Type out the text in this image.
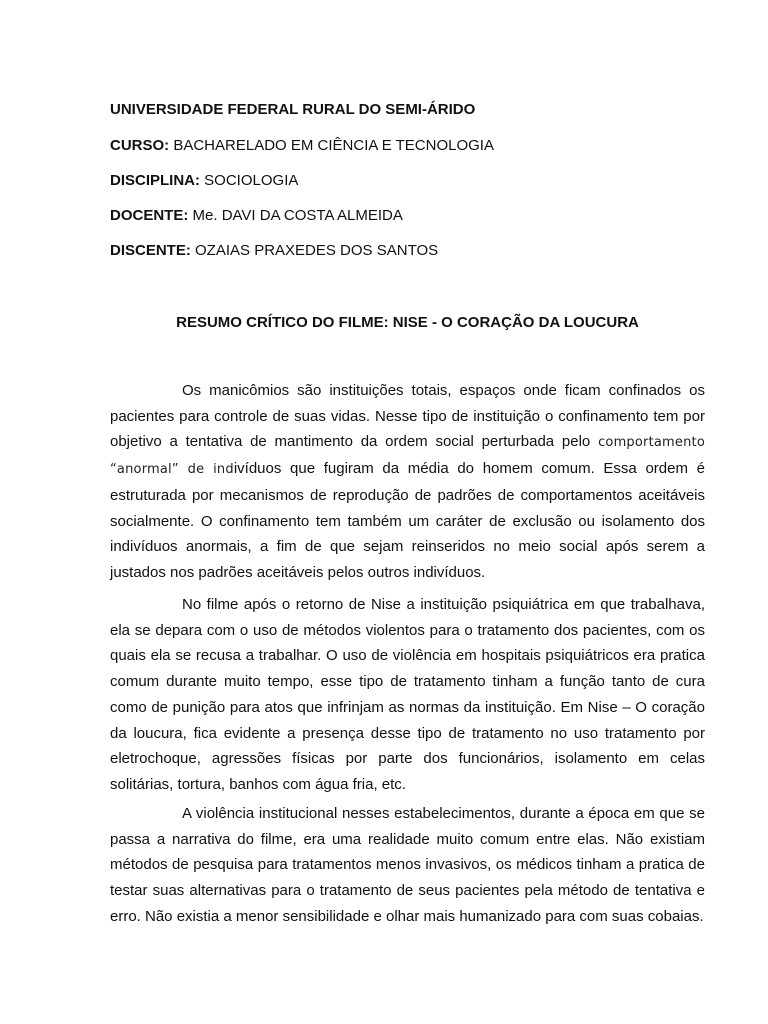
UNIVERSIDADE FEDERAL RURAL DO SEMI-ÁRIDO
CURSO: BACHARELADO EM CIÊNCIA E TECNOLOGIA
DISCIPLINA: SOCIOLOGIA
DOCENTE: Me. DAVI DA COSTA ALMEIDA
DISCENTE: OZAIAS PRAXEDES DOS SANTOS
RESUMO CRÍTICO DO FILME: NISE - O CORAÇÃO DA LOUCURA

Os manicômios são instituições totais, espaços onde ficam confinados os pacientes para controle de suas vidas. Nesse tipo de instituição o confinamento tem por objetivo a tentativa de mantimento da ordem social perturbada pelo comportamento “anormal” de indivíduos que fugiram da média do homem comum. Essa ordem é estruturada por mecanismos de reprodução de padrões de comportamentos aceitáveis socialmente. O confinamento tem também um caráter de exclusão ou isolamento dos indivíduos anormais, a fim de que sejam reinseridos no meio social após serem a justados nos padrões aceitáveis pelos outros indivíduos.

No filme após o retorno de Nise a instituição psiquiátrica em que trabalhava, ela se depara com o uso de métodos violentos para o tratamento dos pacientes, com os quais ela se recusa a trabalhar. O uso de violência em hospitais psiquiátricos era pratica comum durante muito tempo, esse tipo de tratamento tinham a função tanto de cura como de punição para atos que infrinjam as normas da instituição. Em Nise – O coração da loucura, fica evidente a presença desse tipo de tratamento no uso tratamento por eletrochoque, agressões físicas por parte dos funcionários, isolamento em celas solitárias, tortura, banhos com água fria, etc.

A violência institucional nesses estabelecimentos, durante a época em que se passa a narrativa do filme, era uma realidade muito comum entre elas. Não existiam métodos de pesquisa para tratamentos menos invasivos, os médicos tinham a pratica de testar suas alternativas para o tratamento de seus pacientes pela método de tentativa e erro. Não existia a menor sensibilidade e olhar mais humanizado para com suas cobaias.
